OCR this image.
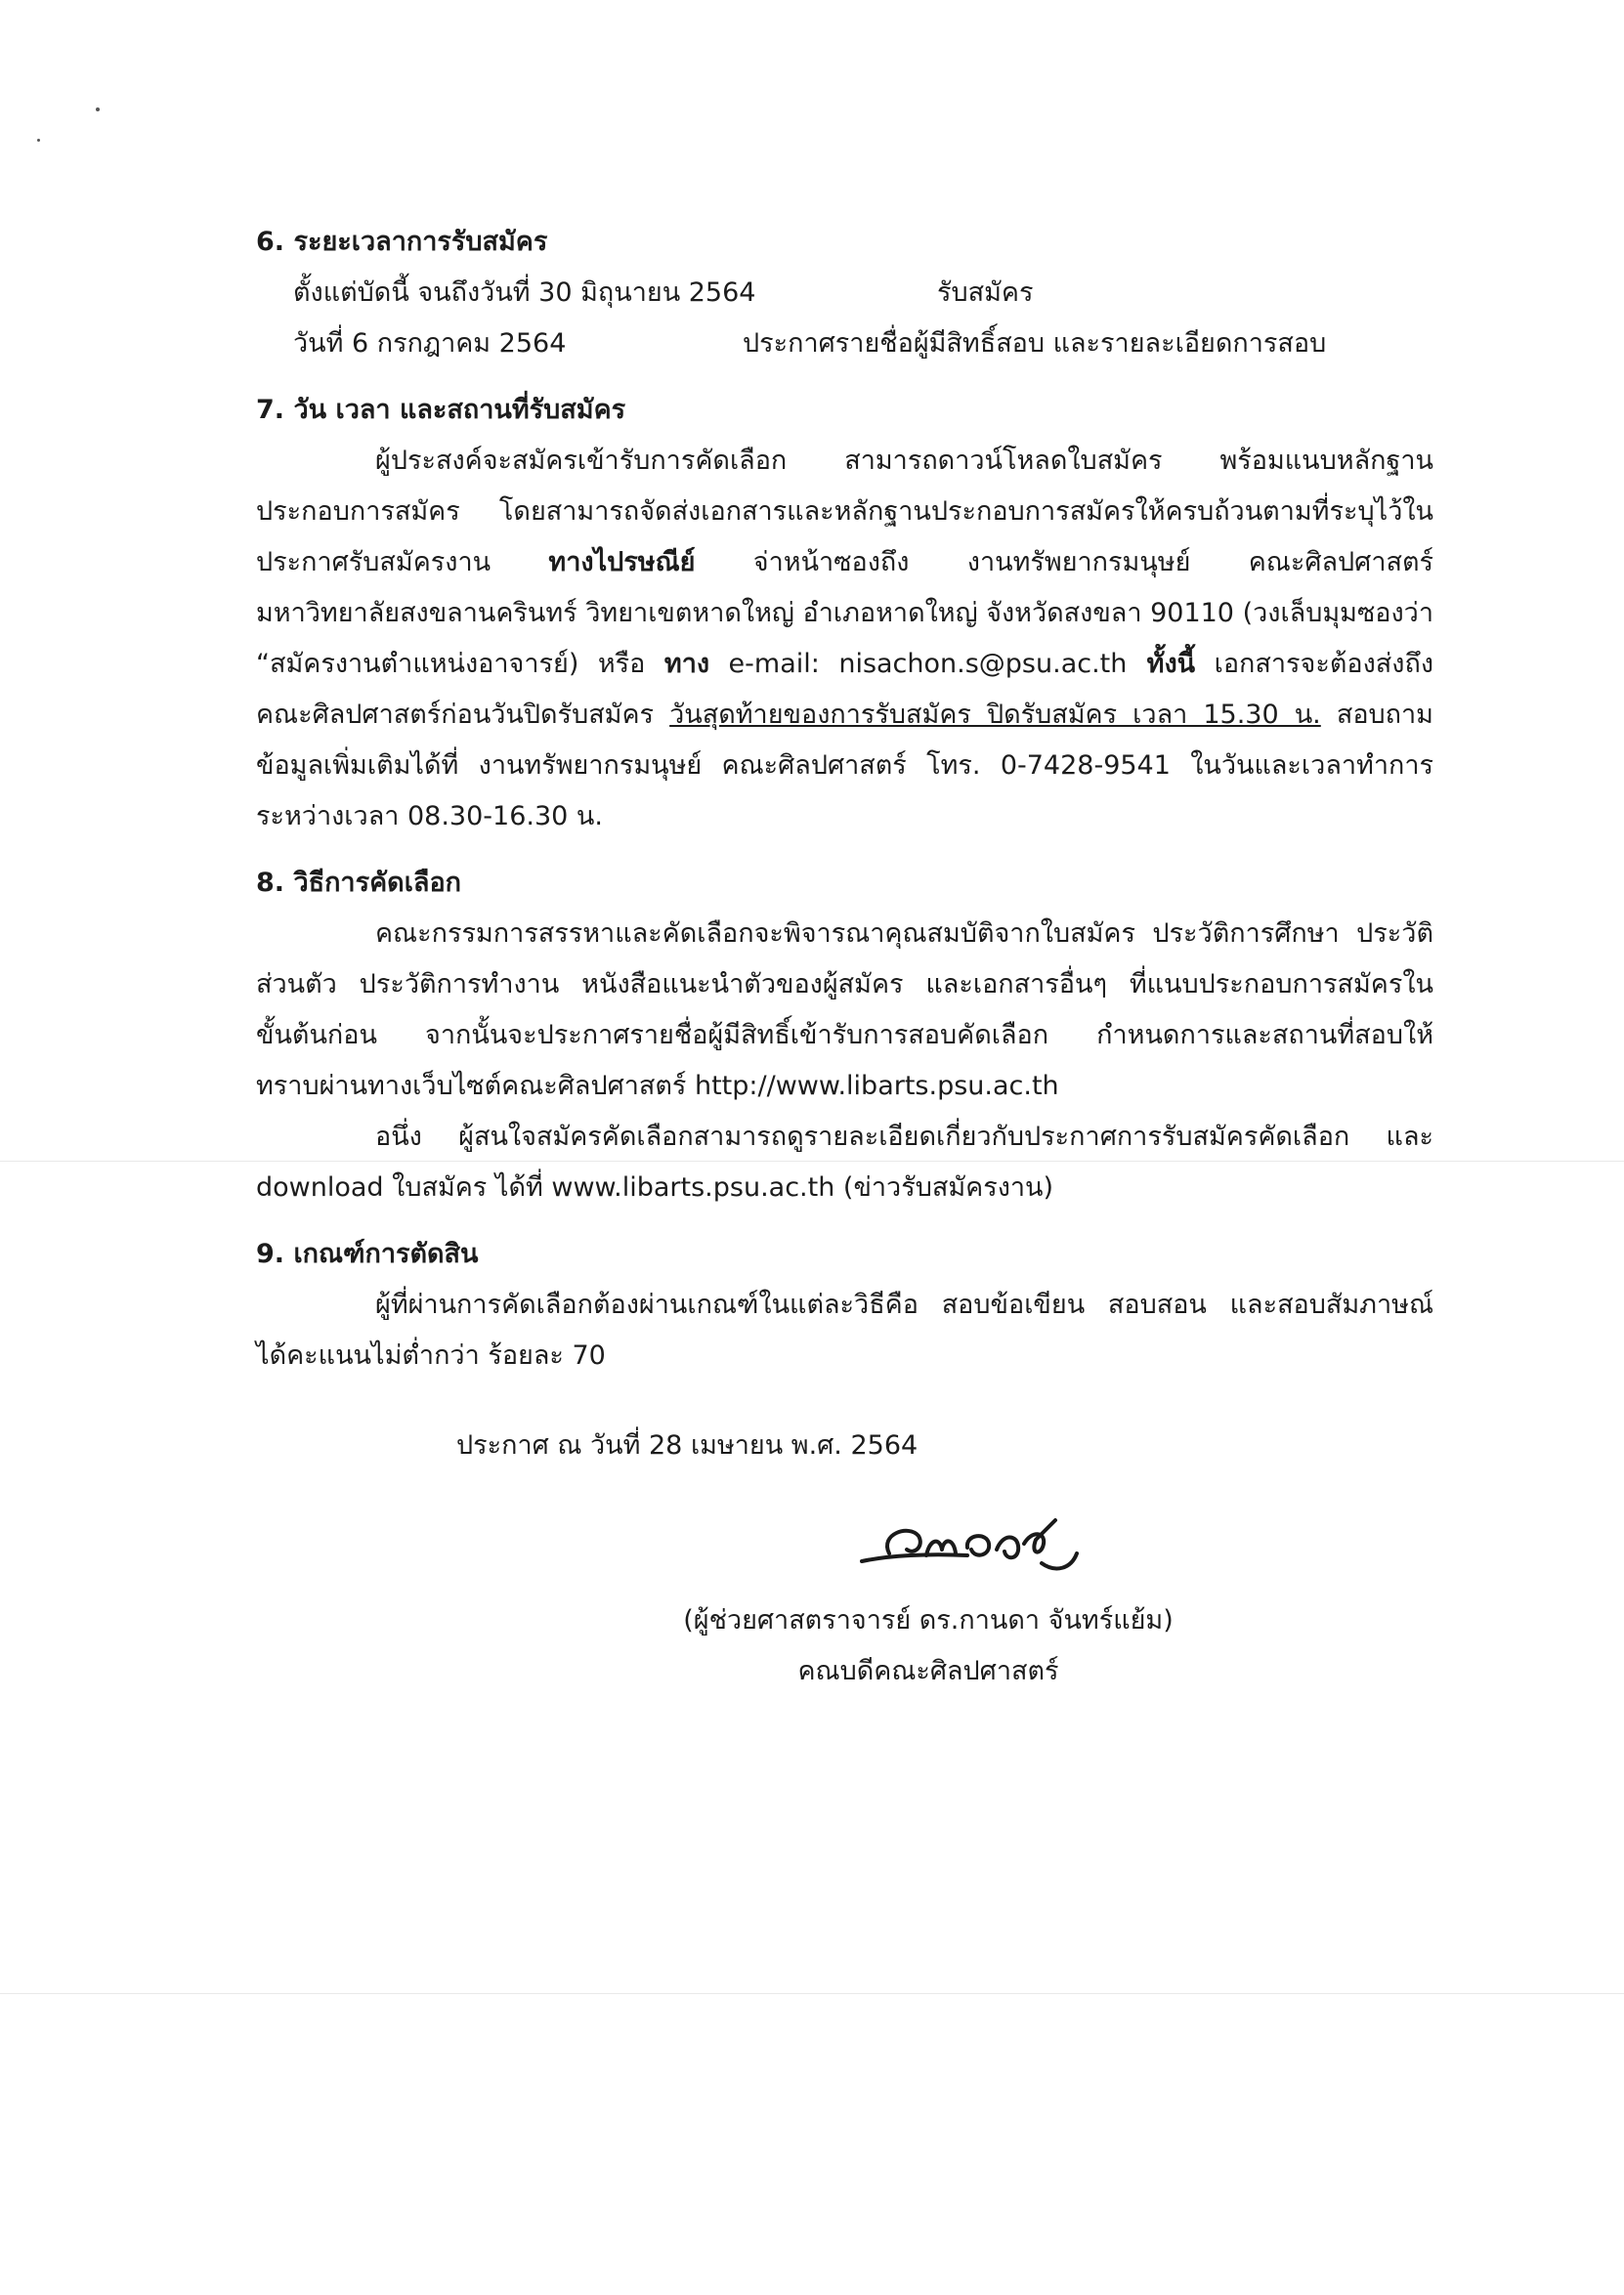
6. ระยะเวลาการรับสมัคร
ตั้งแต่บัดนี้ จนถึงวันที่ 30 มิถุนายน 2564	รับสมัคร
วันที่ 6 กรกฎาคม 2564	ประกาศรายชื่อผู้มีสิทธิ์สอบ และรายละเอียดการสอบ
7. วัน เวลา และสถานที่รับสมัคร
ผู้ประสงค์จะสมัครเข้ารับการคัดเลือก สามารถดาวน์โหลดใบสมัคร พร้อมแนบหลักฐาน
ประกอบการสมัคร โดยสามารถจัดส่งเอกสารและหลักฐานประกอบการสมัครให้ครบถ้วนตามที่ระบุไว้ใน
ประกาศรับสมัครงาน ทางไปรษณีย์ จ่าหน้าซองถึง งานทรัพยากรมนุษย์ คณะศิลปศาสตร์
มหาวิทยาลัยสงขลานครินทร์ วิทยาเขตหาดใหญ่ อำเภอหาดใหญ่ จังหวัดสงขลา 90110 (วงเล็บมุมซองว่า
“สมัครงานตำแหน่งอาจารย์) หรือ ทาง e-mail: nisachon.s@psu.ac.th ทั้งนี้ เอกสารจะต้องส่งถึง
คณะศิลปศาสตร์ก่อนวันปิดรับสมัคร วันสุดท้ายของการรับสมัคร ปิดรับสมัคร เวลา 15.30 น. สอบถาม
ข้อมูลเพิ่มเติมได้ที่ งานทรัพยากรมนุษย์ คณะศิลปศาสตร์ โทร. 0-7428-9541 ในวันและเวลาทำการ
ระหว่างเวลา 08.30-16.30 น.
8. วิธีการคัดเลือก
คณะกรรมการสรรหาและคัดเลือกจะพิจารณาคุณสมบัติจากใบสมัคร ประวัติการศึกษา ประวัติ
ส่วนตัว ประวัติการทำงาน หนังสือแนะนำตัวของผู้สมัคร และเอกสารอื่นๆ ที่แนบประกอบการสมัครใน
ขั้นต้นก่อน จากนั้นจะประกาศรายชื่อผู้มีสิทธิ์เข้ารับการสอบคัดเลือก กำหนดการและสถานที่สอบให้
ทราบผ่านทางเว็บไซต์คณะศิลปศาสตร์ http://www.libarts.psu.ac.th
อนึ่ง ผู้สนใจสมัครคัดเลือกสามารถดูรายละเอียดเกี่ยวกับประกาศการรับสมัครคัดเลือก และ
download ใบสมัคร ได้ที่ www.libarts.psu.ac.th (ข่าวรับสมัครงาน)
9. เกณฑ์การตัดสิน
ผู้ที่ผ่านการคัดเลือกต้องผ่านเกณฑ์ในแต่ละวิธีคือ สอบข้อเขียน สอบสอน และสอบสัมภาษณ์
ได้คะแนนไม่ต่ำกว่า ร้อยละ 70
ประกาศ ณ วันที่ 28 เมษายน พ.ศ. 2564
(ผู้ช่วยศาสตราจารย์ ดร.กานดา จันทร์แย้ม)
คณบดีคณะศิลปศาสตร์
